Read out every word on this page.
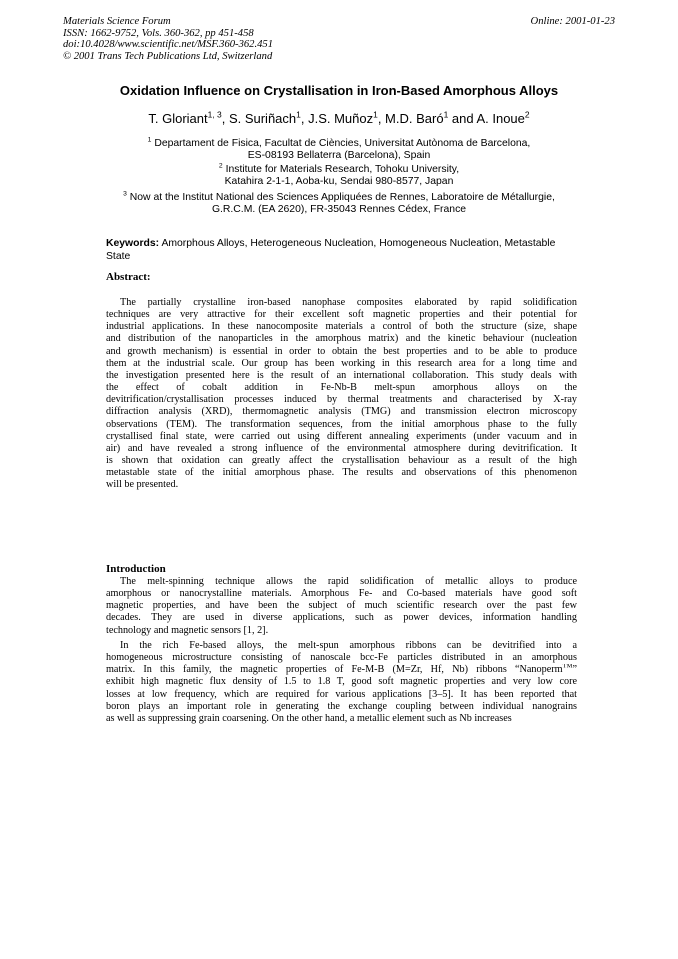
Materials Science Forum
ISSN: 1662-9752, Vols. 360-362, pp 451-458
doi:10.4028/www.scientific.net/MSF.360-362.451
© 2001 Trans Tech Publications Ltd, Switzerland
Online: 2001-01-23
Oxidation Influence on Crystallisation in Iron-Based Amorphous Alloys
T. Gloriant$^{1, 3}$, S. Suriñach$^1$, J.S. Muñoz$^1$, M.D. Baró$^1$ and A. Inoue$^2$
$^1$ Departament de Fisica, Facultat de Ciències, Universitat Autònoma de Barcelona,
ES-08193 Bellaterra (Barcelona), Spain
$^2$ Institute for Materials Research, Tohoku University,
Katahira 2-1-1, Aoba-ku, Sendai 980-8577, Japan
$^3$ Now at the Institut National des Sciences Appliquées de Rennes, Laboratoire de Métallurgie,
G.R.C.M. (EA 2620), FR-35043 Rennes Cédex, France
Keywords: Amorphous Alloys, Heterogeneous Nucleation, Homogeneous Nucleation, Metastable State
Abstract:
The partially crystalline iron-based nanophase composites elaborated by rapid solidification
techniques are very attractive for their excellent soft magnetic properties and their potential for
industrial applications. In these nanocomposite materials a control of both the structure (size, shape
and distribution of the nanoparticles in the amorphous matrix) and the kinetic behaviour (nucleation
and growth mechanism) is essential in order to obtain the best properties and to be able to produce
them at the industrial scale. Our group has been working in this research area for a long time and
the investigation presented here is the result of an international collaboration. This study deals with
the effect of cobalt addition in Fe-Nb-B melt-spun amorphous alloys on the
devitrification/crystallisation processes induced by thermal treatments and characterised by X-ray
diffraction analysis (XRD), thermomagnetic analysis (TMG) and transmission electron microscopy
observations (TEM). The transformation sequences, from the initial amorphous phase to the fully
crystallised final state, were carried out using different annealing experiments (under vacuum and in
air) and have revealed a strong influence of the environmental atmosphere during devitrification. It
is shown that oxidation can greatly affect the crystallisation behaviour as a result of the high
metastable state of the initial amorphous phase. The results and observations of this phenomenon
will be presented.
Introduction
The melt-spinning technique allows the rapid solidification of metallic alloys to produce
amorphous or nanocrystalline materials. Amorphous Fe- and Co-based materials have good soft
magnetic properties, and have been the subject of much scientific research over the past few
decades. They are used in diverse applications, such as power devices, information handling
technology and magnetic sensors [1, 2].
In the rich Fe-based alloys, the melt-spun amorphous ribbons can be devitrified into a
homogeneous microstructure consisting of nanoscale bcc-Fe particles distributed in an amorphous
matrix. In this family, the magnetic properties of Fe-M-B (M=Zr, Hf, Nb) ribbons “Nanoperm™”
exhibit high magnetic flux density of 1.5 to 1.8 T, good soft magnetic properties and very low core
losses at low frequency, which are required for various applications [3–5]. It has been reported that
boron plays an important role in generating the exchange coupling between individual nanograins
as well as suppressing grain coarsening. On the other hand, a metallic element such as Nb increases
